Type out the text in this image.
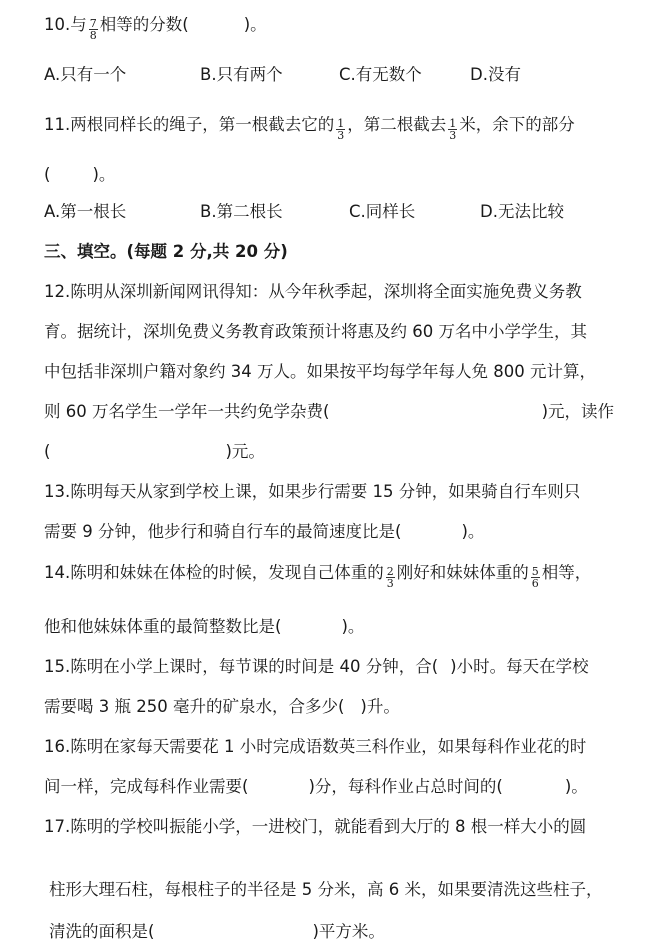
10.与 $\frac{7}{8}$ 相等的分数(	)。
A.只有一个	B.只有两个	C.有无数个	D.没有
11.两根同样长的绳子，第一根截去它的 $\frac{1}{3}$ ，第二根截去 $\frac{1}{3}$ 米，余下的部分
(	)。
A.第一根长	B.第二根长	C.同样长	D.无法比较
三、填空。(每题 2 分,共 20 分)
12.陈明从深圳新闻网讯得知：从今年秋季起，深圳将全面实施免费义务教
育。据统计，深圳免费义务教育政策预计将惠及约 60 万名中小学学生，其
中包括非深圳户籍对象约 34 万人。如果按平均每学年每人免 800 元计算，
则 60 万名学生一学年一共约免学杂费(	)元，读作
(	)元。
13.陈明每天从家到学校上课，如果步行需要 15 分钟，如果骑自行车则只
需要 9 分钟，他步行和骑自行车的最简速度比是(	)。
14.陈明和妹妹在体检的时候，发现自己体重的 $\frac{2}{3}$ 刚好和妹妹体重的 $\frac{5}{6}$ 相等，
他和他妹妹体重的最简整数比是(	)。
15.陈明在小学上课时，每节课的时间是 40 分钟，合( )小时。每天在学校
需要喝 3 瓶 250 毫升的矿泉水，合多少( )升。
16.陈明在家每天需要花 1 小时完成语数英三科作业，如果每科作业花的时
间一样，完成每科作业需要(	)分，每科作业占总时间的(	)。
17.陈明的学校叫振能小学，一进校门，就能看到大厅的 8 根一样大小的圆
柱形大理石柱，每根柱子的半径是 5 分米，高 6 米，如果要清洗这些柱子，
清洗的面积是(	)平方米。
